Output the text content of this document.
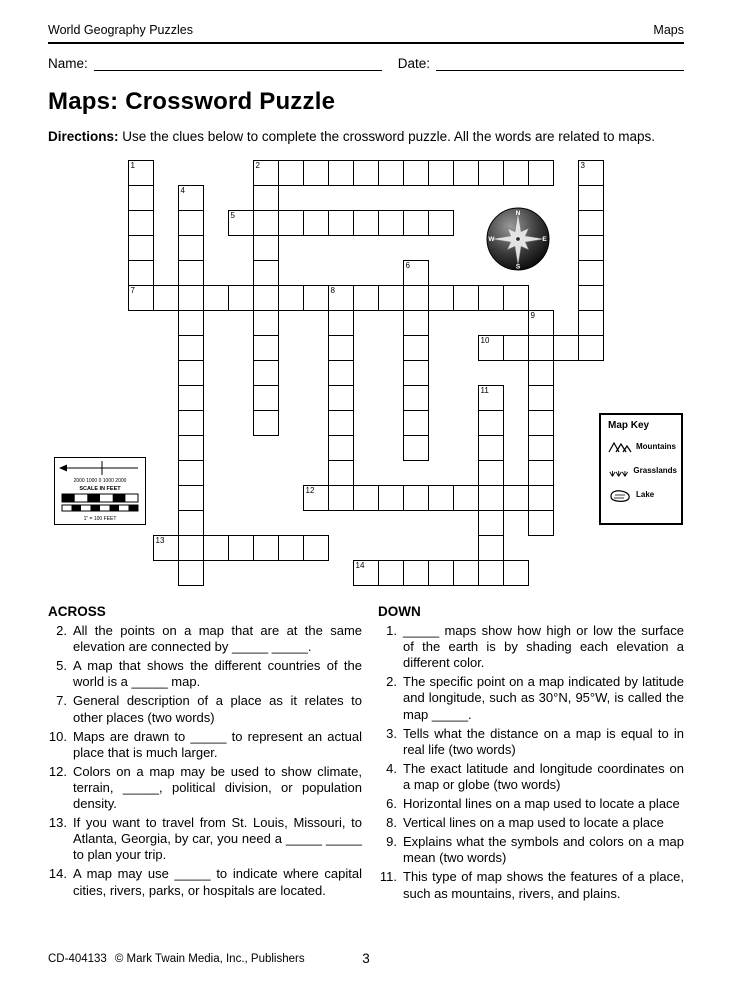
World Geography Puzzles	Maps
Name:	Date:
Maps: Crossword Puzzle
Directions: Use the clues below to complete the crossword puzzle. All the words are related to maps.
N
E
S
W
2000 1000 0 1000 2000
SCALE IN FEET
1" = 100 FEET
Map Key
Mountains
Grasslands
Lake
1
7
2	3
4
5
6
8
9
10
11
12
13
14
ACROSS
2. All the points on a map that are at the same elevation are connected by _____ _____.
5. A map that shows the different countries of the world is a _____ map.
7. General description of a place as it relates to other places (two words)
10. Maps are drawn to _____ to represent an actual place that is much larger.
12. Colors on a map may be used to show climate, terrain, _____, political division, or population density.
13. If you want to travel from St. Louis, Missouri, to Atlanta, Georgia, by car, you need a _____ _____ to plan your trip.
14. A map may use _____ to indicate where capital cities, rivers, parks, or hospitals are located.
DOWN
1. _____ maps show how high or low the surface of the earth is by shading each elevation a different color.
2. The specific point on a map indicated by latitude and longitude, such as 30°N, 95°W, is called the map _____.
3. Tells what the distance on a map is equal to in real life (two words)
4. The exact latitude and longitude coordinates on a map or globe (two words)
6. Horizontal lines on a map used to locate a place
8. Vertical lines on a map used to locate a place
9. Explains what the symbols and colors on a map mean (two words)
11. This type of map shows the features of a place, such as mountains, rivers, and plains.
3
CD-404133 © Mark Twain Media, Inc., Publishers
